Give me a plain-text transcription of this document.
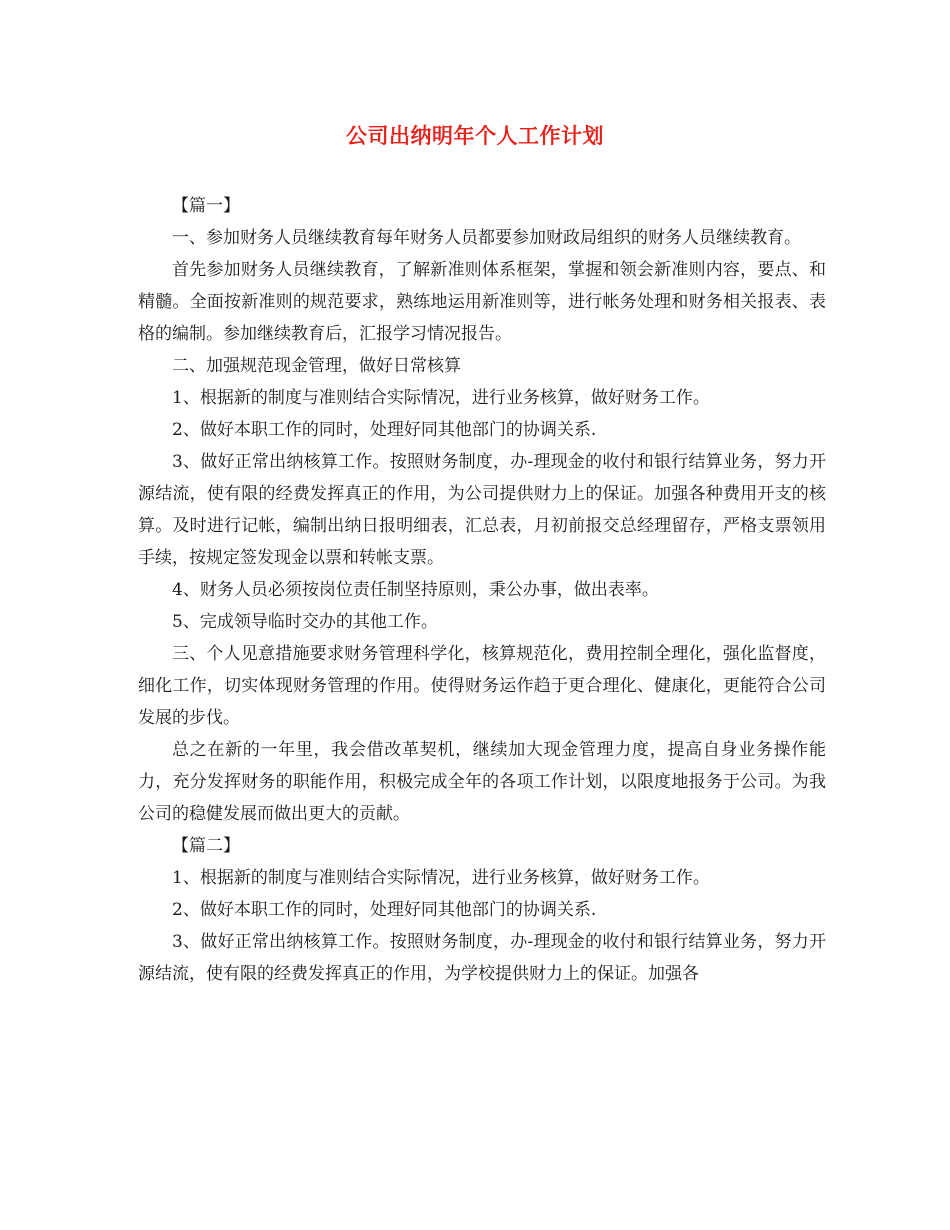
公司出纳明年个人工作计划

【篇一】

一、参加财务人员继续教育每年财务人员都要参加财政局组织的财务人员继续教育。

首先参加财务人员继续教育，了解新准则体系框架，掌握和领会新准则内容，要点、和精髓。全面按新准则的规范要求，熟练地运用新准则等，进行帐务处理和财务相关报表、表格的编制。参加继续教育后，汇报学习情况报告。

二、加强规范现金管理，做好日常核算

1、根据新的制度与准则结合实际情况，进行业务核算，做好财务工作。

2、做好本职工作的同时，处理好同其他部门的协调关系.

3、做好正常出纳核算工作。按照财务制度，办-理现金的收付和银行结算业务，努力开源结流，使有限的经费发挥真正的作用，为公司提供财力上的保证。加强各种费用开支的核算。及时进行记帐，编制出纳日报明细表，汇总表，月初前报交总经理留存，严格支票领用手续，按规定签发现金以票和转帐支票。

4、财务人员必须按岗位责任制坚持原则，秉公办事，做出表率。

5、完成领导临时交办的其他工作。

三、个人见意措施要求财务管理科学化，核算规范化，费用控制全理化，强化监督度，细化工作，切实体现财务管理的作用。使得财务运作趋于更合理化、健康化，更能符合公司发展的步伐。

总之在新的一年里，我会借改革契机，继续加大现金管理力度，提高自身业务操作能力，充分发挥财务的职能作用，积极完成全年的各项工作计划，以限度地报务于公司。为我公司的稳健发展而做出更大的贡献。

【篇二】

1、根据新的制度与准则结合实际情况，进行业务核算，做好财务工作。

2、做好本职工作的同时，处理好同其他部门的协调关系.

3、做好正常出纳核算工作。按照财务制度，办-理现金的收付和银行结算业务，努力开源结流，使有限的经费发挥真正的作用，为学校提供财力上的保证。加强各
